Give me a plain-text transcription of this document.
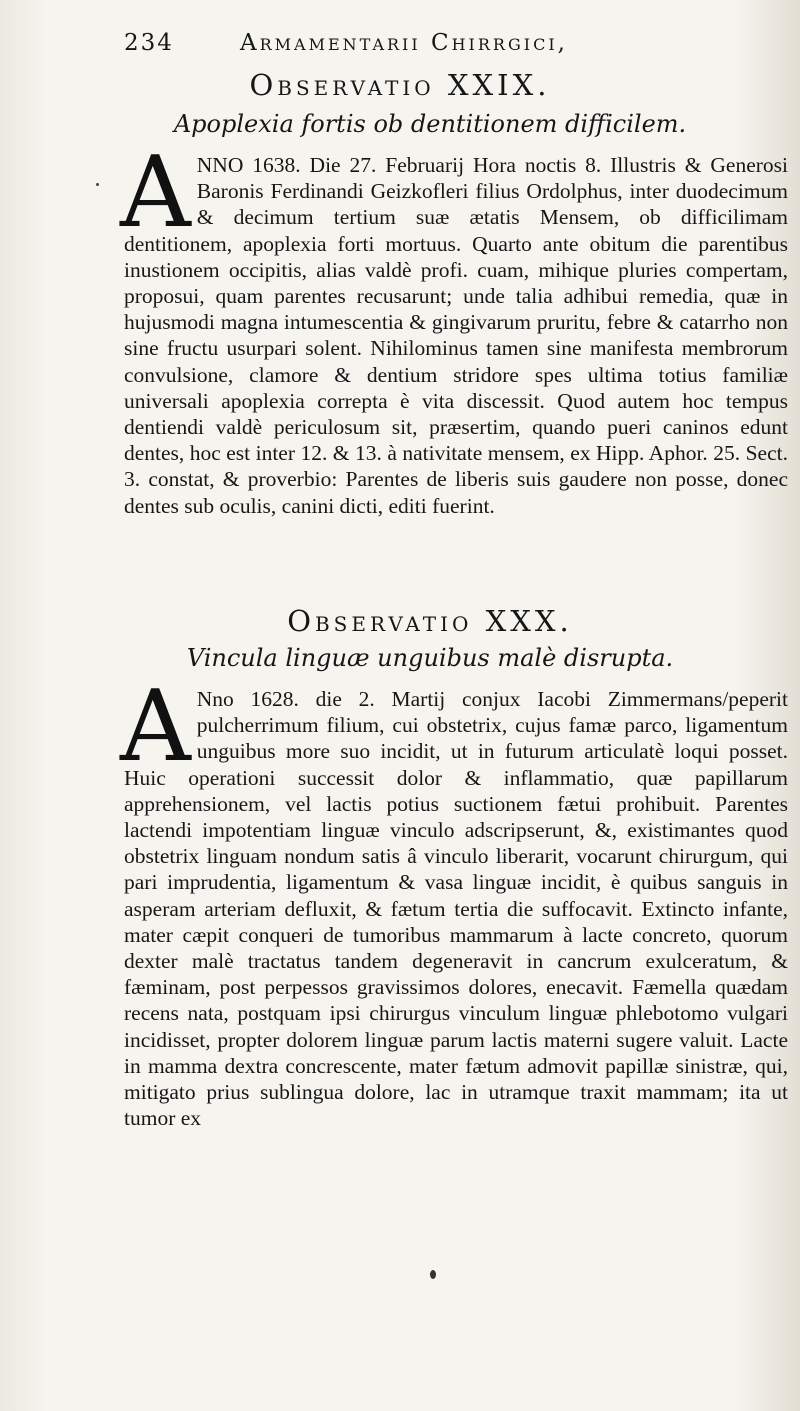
234	Armamentarii Chirrgici,
Observatio XXIX.
Apoplexia fortis ob dentitionem difficilem.
A NNO 1638. Die 27. Februarij Hora noctis 8. Illustris & Generosi Baronis Ferdinandi Geizkofleri filius Ordolphus, inter duodecimum & decimum tertium suæ ætatis Mensem, ob difficilimam dentitionem, apoplexia forti mortuus. Quarto ante obitum die parentibus inustionem occipitis, alias valdè profi. cuam, mihique pluries compertam, proposui, quam parentes recusarunt; unde talia adhibui remedia, quæ in hujusmodi magna intumescentia & gingivarum pruritu, febre & catarrho non sine fructu usurpari solent. Nihilominus tamen sine manifesta membrorum convulsione, clamore & dentium stridore spes ultima totius familiæ universali apoplexia correpta è vita discessit. Quod autem hoc tempus dentiendi valdè periculosum sit, præsertim, quando pueri caninos edunt dentes, hoc est inter 12. & 13. à nativitate mensem, ex Hipp. Aphor. 25. Sect. 3. constat, & proverbio: Parentes de liberis suis gaudere non posse, donec dentes sub oculis, canini dicti, editi fuerint.
Observatio XXX.
Vincula linguæ unguibus malè disrupta.
A Nno 1628. die 2. Martij conjux Iacobi Zimmermans/peperit pulcherrimum filium, cui obstetrix, cujus famæ parco, ligamentum unguibus more suo incidit, ut in futurum articulatè loqui posset. Huic operationi successit dolor & inflammatio, quæ papillarum apprehensionem, vel lactis potius suctionem fætui prohibuit. Parentes lactendi impotentiam linguæ vinculo adscripserunt, &, existimantes quod obstetrix linguam nondum satis â vinculo liberarit, vocarunt chirurgum, qui pari imprudentia, ligamentum & vasa linguæ incidit, è quibus sanguis in asperam arteriam defluxit, & fætum tertia die suffocavit. Extincto infante, mater cæpit conqueri de tumoribus mammarum à lacte concreto, quorum dexter malè tractatus tandem degeneravit in cancrum exulceratum, & fæminam, post perpessos gravissimos dolores, enecavit. Fæmella quædam recens nata, postquam ipsi chirurgus vinculum linguæ phlebotomo vulgari incidisset, propter dolorem linguæ parum lactis materni sugere valuit. Lacte in mamma dextra concrescente, mater fætum admovit papillæ sinistræ, qui, mitigato prius sublingua dolore, lac in utramque traxit mammam; ita ut tumor ex
